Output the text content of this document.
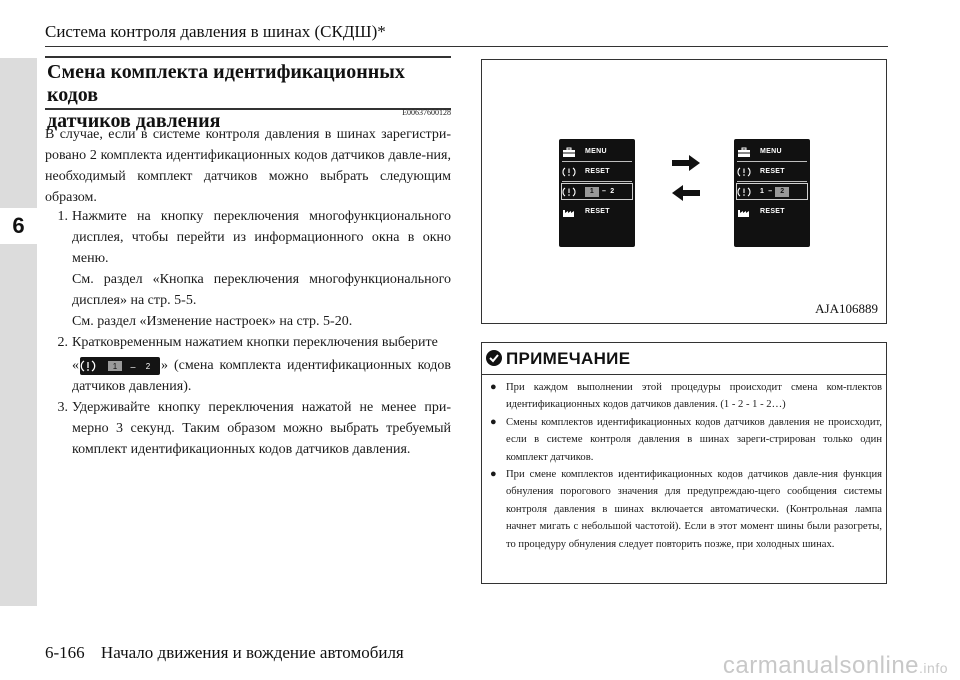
6
Система контроля давления в шинах (СКДШ)*
Смена комплекта идентификационных кодов
датчиков давления	E00637600128
В случае, если в системе контроля давления в шинах зарегистри-ровано 2 комплекта идентификационных кодов датчиков давле-ния, необходимый комплект датчиков можно выбрать следующим образом.
1. Нажмите на кнопку переключения многофункционального дисплея, чтобы перейти из информационного окна в окно меню.

См. раздел «Кнопка переключения многофункционального дисплея» на стр. 5-5.

См. раздел «Изменение настроек» на стр. 5-20.

2. Кратковременным нажатием кнопки переключения выберите

«	1 – 2 » (смена комплекта идентификационных кодов датчиков давления).

3. Удерживайте кнопку переключения нажатой не менее при-мерно 3 секунд. Таким образом можно выбрать требуемый комплект идентификационных кодов датчиков давления.

MENU
RESET
1	– 2
RESET
MENU
RESET
1 –	2
RESET
AJA106889
ПРИМЕЧАНИЕ
● При каждом выполнении этой процедуры происходит смена ком-плектов идентификационных кодов датчиков давления. (1 - 2 - 1 - 2…)
● Смены комплектов идентификационных кодов датчиков давления не происходит, если в системе контроля давления в шинах зареги-стрирован только один комплект датчиков.
● При смене комплектов идентификационных кодов датчиков давле-ния функция обнуления порогового значения для предупреждаю-щего сообщения системы контроля давления в шинах включается автоматически. (Контрольная лампа начнет мигать с небольшой частотой). Если в этот момент шины были разогреты, то процедуру обнуления следует повторить позже, при холодных шинах.
6-166 Начало движения и вождение автомобиля	carmanualsonline.info
